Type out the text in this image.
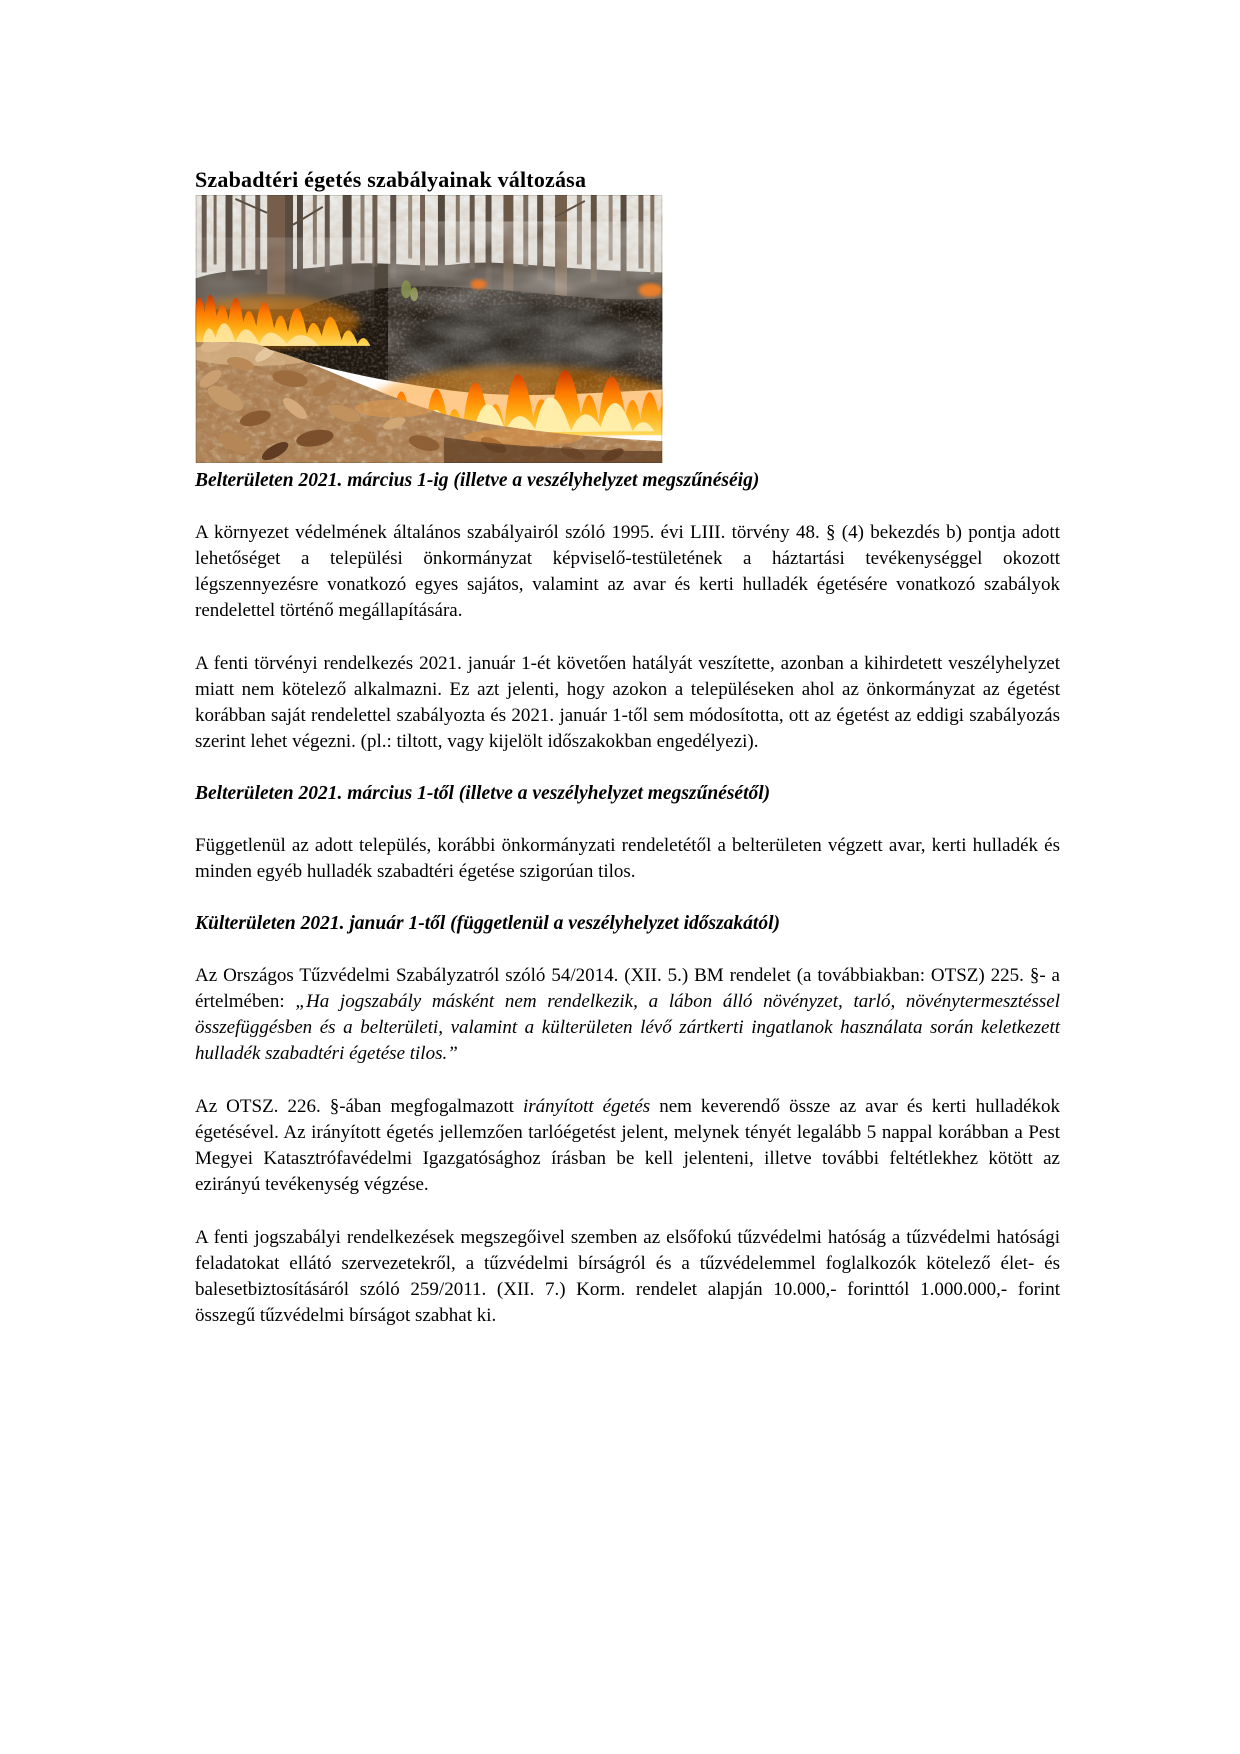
Szabadtéri égetés szabályainak változása
Belterületen 2021. március 1-ig (illetve a veszélyhelyzet megszűnéséig)

A környezet védelmének általános szabályairól szóló 1995. évi LIII. törvény 48. § (4) bekezdés b) pontja adott lehetőséget a települési önkormányzat képviselő-testületének a háztartási tevékenységgel okozott légszennyezésre vonatkozó egyes sajátos, valamint az avar és kerti hulladék égetésére vonatkozó szabályok rendelettel történő megállapítására.

A fenti törvényi rendelkezés 2021. január 1-ét követően hatályát veszítette, azonban a kihirdetett veszélyhelyzet miatt nem kötelező alkalmazni. Ez azt jelenti, hogy azokon a településeken ahol az önkormányzat az égetést korábban saját rendelettel szabályozta és 2021. január 1-től sem módosította, ott az égetést az eddigi szabályozás szerint lehet végezni. (pl.: tiltott, vagy kijelölt időszakokban engedélyezi).

Belterületen 2021. március 1-től (illetve a veszélyhelyzet megszűnésétől)

Függetlenül az adott település, korábbi önkormányzati rendeletétől a belterületen végzett avar, kerti hulladék és minden egyéb hulladék szabadtéri égetése szigorúan tilos.

Külterületen 2021. január 1-től (függetlenül a veszélyhelyzet időszakától)

Az Országos Tűzvédelmi Szabályzatról szóló 54/2014. (XII. 5.) BM rendelet (a továbbiakban: OTSZ) 225. §- a értelmében: „Ha jogszabály másként nem rendelkezik, a lábon álló növényzet, tarló, növénytermesztéssel összefüggésben és a belterületi, valamint a külterületen lévő zártkerti ingatlanok használata során keletkezett hulladék szabadtéri égetése tilos.”

Az OTSZ. 226. §-ában megfogalmazott irányított égetés nem keverendő össze az avar és kerti hulladékok égetésével. Az irányított égetés jellemzően tarlóégetést jelent, melynek tényét legalább 5 nappal korábban a Pest Megyei Katasztrófavédelmi Igazgatósághoz írásban be kell jelenteni, illetve további feltétlekhez kötött az ezirányú tevékenység végzése.

A fenti jogszabályi rendelkezések megszegőivel szemben az elsőfokú tűzvédelmi hatóság a tűzvédelmi hatósági feladatokat ellátó szervezetekről, a tűzvédelmi bírságról és a tűzvédelemmel foglalkozók kötelező élet- és balesetbiztosításáról szóló 259/2011. (XII. 7.) Korm. rendelet alapján 10.000,- forinttól 1.000.000,- forint összegű tűzvédelmi bírságot szabhat ki.
